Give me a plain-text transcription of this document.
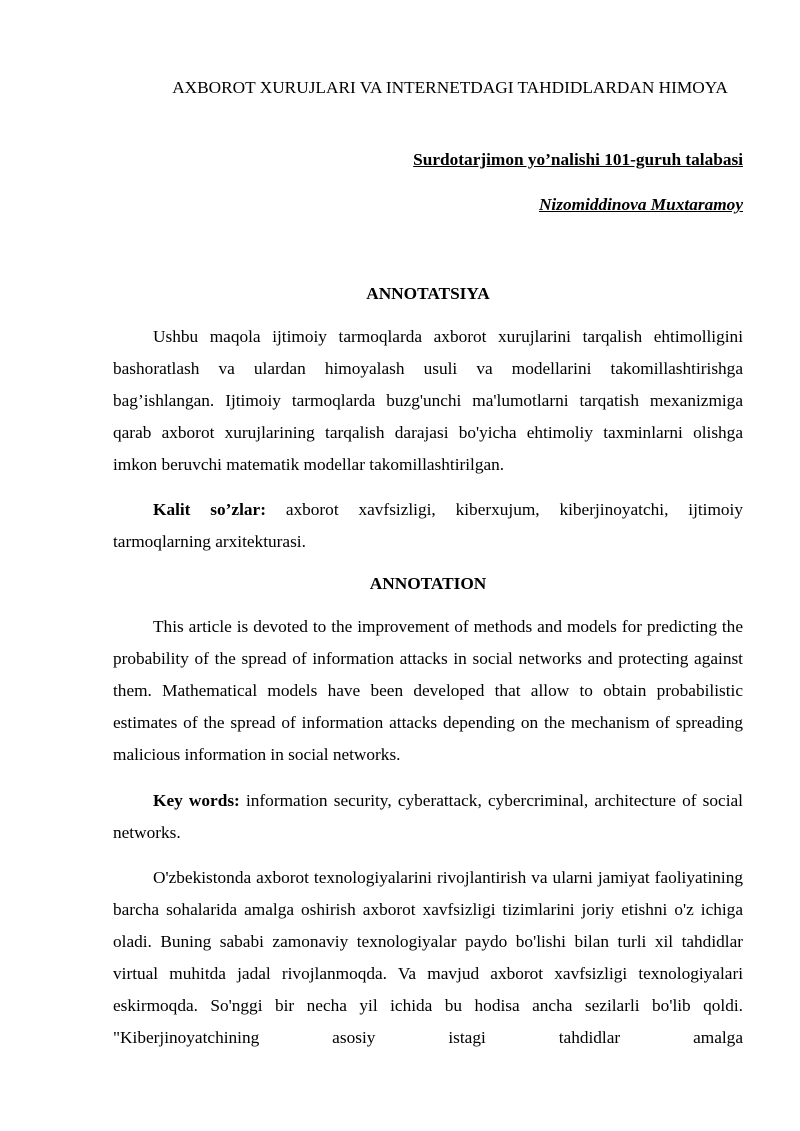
AXBOROT XURUJLARI VA INTERNETDAGI TAHDIDLARDAN HIMOYA
Surdotarjimon yo’nalishi 101-guruh talabasi
Nizomiddinova Muxtaramoy
ANNOTATSIYA

Ushbu maqola ijtimoiy tarmoqlarda axborot xurujlarini tarqalish ehtimolligini bashoratlash va ulardan himoyalash usuli va modellarini takomillashtirishga bag’ishlangan. Ijtimoiy tarmoqlarda buzg'unchi ma'lumotlarni tarqatish mexanizmiga qarab axborot xurujlarining tarqalish darajasi bo'yicha ehtimoliy taxminlarni olishga imkon beruvchi matematik modellar takomillashtirilgan.

Kalit so’zlar: axborot xavfsizligi, kiberxujum, kiberjinoyatchi, ijtimoiy tarmoqlarning arxitekturasi.

ANNOTATION

This article is devoted to the improvement of methods and models for predicting the probability of the spread of information attacks in social networks and protecting against them. Mathematical models have been developed that allow to obtain probabilistic estimates of the spread of information attacks depending on the mechanism of spreading malicious information in social networks.

Key words: information security, cyberattack, cybercriminal, architecture of social networks.

O'zbekistonda axborot texnologiyalarini rivojlantirish va ularni jamiyat faoliyatining barcha sohalarida amalga oshirish axborot xavfsizligi tizimlarini joriy etishni o'z ichiga oladi. Buning sababi zamonaviy texnologiyalar paydo bo'lishi bilan turli xil tahdidlar virtual muhitda jadal rivojlanmoqda. Va mavjud axborot xavfsizligi texnologiyalari eskirmoqda. So'nggi bir necha yil ichida bu hodisa ancha sezilarli bo'lib qoldi. "Kiberjinoyatchining asosiy istagi tahdidlar amalga
